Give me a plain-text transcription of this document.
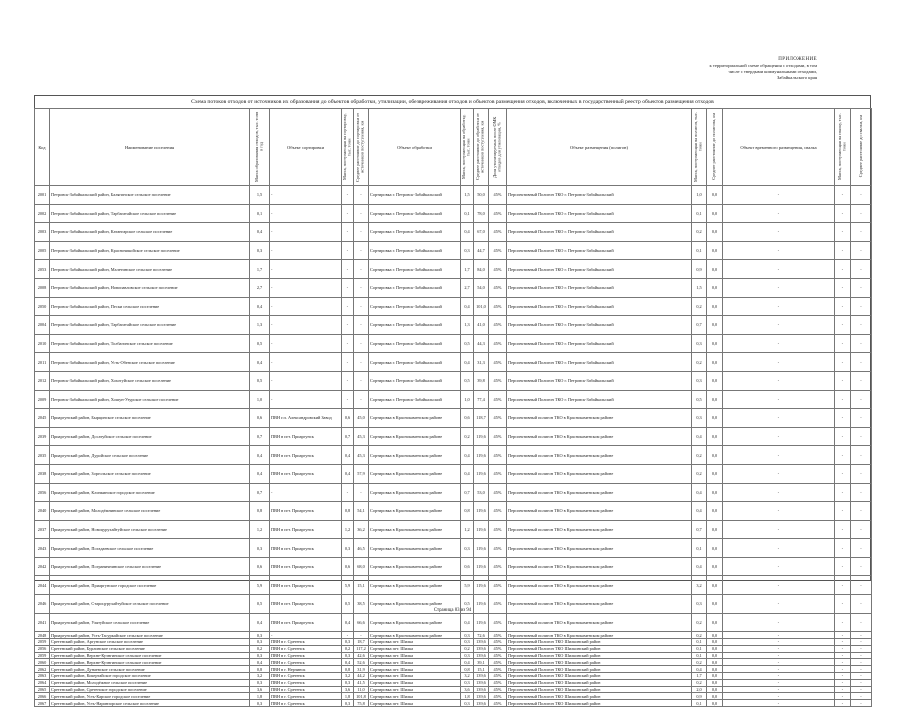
ПРИЛОЖЕНИЕ
к территориальной схеме обращения с отходами, в том
числе с твердыми коммунальными отходами,
Забайкальского края
Схема потоков отходов от источников их образования до объектов обработки, утилизации, обезвреживания отходов и объектов размещения отходов, включенных в государственный реестр объектов размещения отходов
Код	Наименование поселения	Масса образования отходов, тыс. тонн в год	Объект сортировки	Масса, поступающая на сортировку, тыс. тонн	Среднее расстояние до сортировки от источников поступления, км	Объект обработки	Масса, поступающая на обработку, тыс. тонн	Среднее расстояние до обработки от источников поступления, км	Доля утилизируемых после ОМК отходов для утилизации, %	Объект размещения (полигон)	Масса, поступающая на полигон, тыс. тонн	Среднее расстояние до полигона, км	Объект временного размещения, свалка	Масса, поступающая на свалку, тыс. тонн	Среднее расстояние до свалки, км
2001	Петровск-Забайкальский район, Балягинское сельское поселение	1,5	-	-	-	Сортировка г. Петровск-Забайкальский	1,5	50,0	45%	Перспективный Полигон ТКО г. Петровск-Забайкальский	1,0	0,0	-	-	-
2002	Петровск-Забайкальский район, Тарбагатайское сельское поселение	0,1	-	-	-	Сортировка г. Петровск-Забайкальский	0,1	78,0	45%	Перспективный Полигон ТКО г. Петровск-Забайкальский	0,1	0,0	-	-	-
2003	Петровск-Забайкальский район, Катангарское сельское поселение	0,4	-	-	-	Сортировка г. Петровск-Забайкальский	0,4	67,0	45%	Перспективный Полигон ТКО г. Петровск-Забайкальский	0,2	0,0	-	-	-
2005	Петровск-Забайкальский район, Красночикойское сельское поселение	0,3	-	-	-	Сортировка г. Петровск-Забайкальский	0,3	44,7	45%	Перспективный Полигон ТКО г. Петровск-Забайкальский	0,1	0,0	-	-	-
2053	Петровск-Забайкальский район, Малетинское сельское поселение	1,7	-	-	-	Сортировка г. Петровск-Забайкальский	1,7	84,0	45%	Перспективный Полигон ТКО г. Петровск-Забайкальский	0,9	0,0	-	-	-
2008	Петровск-Забайкальский район, Новопавловское сельское поселение	2,7	-	-	-	Сортировка г. Петровск-Забайкальский	2,7	54,0	45%	Перспективный Полигон ТКО г. Петровск-Забайкальский	1,5	0,0	-	-	-
2050	Петровск-Забайкальский район, Пески сельское поселение	0,4	-	-	-	Сортировка г. Петровск-Забайкальский	0,4	101,0	45%	Перспективный Полигон ТКО г. Петровск-Забайкальский	0,2	0,0	-	-	-
2004	Петровск-Забайкальский район, Тарбагатайское сельское поселение	1,3	-	-	-	Сортировка г. Петровск-Забайкальский	1,3	41,0	45%	Перспективный Полигон ТКО г. Петровск-Забайкальский	0,7	0,0	-	-	-
2010	Петровск-Забайкальский район, Толбагинское сельское поселение	0,5	-	-	-	Сортировка г. Петровск-Забайкальский	0,5	44,3	45%	Перспективный Полигон ТКО г. Петровск-Забайкальский	0,3	0,0	-	-	-
2011	Петровск-Забайкальский район, Усть-Обенское сельское поселение	0,4	-	-	-	Сортировка г. Петровск-Забайкальский	0,4	31,3	45%	Перспективный Полигон ТКО г. Петровск-Забайкальский	0,2	0,0	-	-	-
2012	Петровск-Забайкальский район, Хохотуйское сельское поселение	0,5	-	-	-	Сортировка г. Петровск-Забайкальский	0,5	39,8	45%	Перспективный Полигон ТКО г. Петровск-Забайкальский	0,3	0,0	-	-	-
2009	Петровск-Забайкальский район, Хошун-Узурское сельское поселение	1,0	-	-	-	Сортировка г. Петровск-Забайкальский	1,0	77,4	45%	Перспективный Полигон ТКО г. Петровск-Забайкальский	0,5	0,0	-	-	-
2045	Приаргунский район, Бырцинское сельское поселение	0,6	ПВН г.п. Александровский Завод	0,6	45,0	Сортировка в Краснокаменском районе	0,6	118,7	45%	Перспективный полигон ТКО в Краснокаменском районе	0,3	0,0	-	-	-
2039	Приаргунский район, Досатуйское сельское поселение	0,7	ПВН в пгт. Приаргунск	0,7	45,3	Сортировка в Краснокаменском районе	0,2	119,6	45%	Перспективный полигон ТКО в Краснокаменском районе	0,4	0,0	-	-	-
2035	Приаргунский район, Дуройское сельское поселение	0,4	ПВН в пгт. Приаргунск	0,4	45,3	Сортировка в Краснокаменском районе	0,4	119,6	45%	Перспективный полигон ТКО в Краснокаменском районе	0,2	0,0	-	-	-
2038	Приаргунский район, Зоргольское сельское поселение	0,4	ПВН в пгт. Приаргунск	0,4	57,9	Сортировка в Краснокаменском районе	0,4	119,6	45%	Перспективный полигон ТКО в Краснокаменском районе	0,2	0,0	-	-	-
2056	Приаргунский район, Кличкинское городское поселение	0,7	-	-	-	Сортировка в Краснокаменском районе	0,7	53,0	45%	Перспективный полигон ТКО в Краснокаменском районе	0,4	0,0	-	-	-
2040	Приаргунский район, Молодёжнинское сельское поселение	0,8	ПВН в пгт. Приаргунск	0,8	54,1	Сортировка в Краснокаменском районе	0,8	119,6	45%	Перспективный полигон ТКО в Краснокаменском районе	0,4	0,0	-	-	-
2037	Приаргунский район, Новоцурухайтуйское сельское поселение	1,2	ПВН в пгт. Приаргунск	1,2	36,2	Сортировка в Краснокаменском районе	1,2	119,6	45%	Перспективный полигон ТКО в Краснокаменском районе	0,7	0,0	-	-	-
2043	Приаргунский район, Погадаевское сельское поселение	0,3	ПВН в пгт. Приаргунск	0,3	46,5	Сортировка в Краснокаменском районе	0,3	119,6	45%	Перспективный полигон ТКО в Краснокаменском районе	0,1	0,0	-	-	-
2042	Приаргунский район, Пограничнинское сельское поселение	0,6	ПВН в пгт. Приаргунск	0,6	68,0	Сортировка в Краснокаменском районе	0,6	119,6	45%	Перспективный полигон ТКО в Краснокаменском районе	0,4	0,0	-	-	-
2044	Приаргунский район, Приаргунское городское поселение	5,9	ПВН в пгт. Приаргунск	5,9	15,1	Сортировка в Краснокаменском районе	5,9	119,6	45%	Перспективный полигон ТКО в Краснокаменском районе	3,2	0,0	-	-	-
2046	Приаргунский район, Староцурухайтуйское сельское поселение	0,5	ПВН в пгт. Приаргунск	0,5	38,5	Сортировка в Краснокаменском районе	0,5	119,6	45%	Перспективный полигон ТКО в Краснокаменском районе	0,3	0,0	-	-	-
2041	Приаргунский район, Улятуйское сельское поселение	0,4	ПВН в пгт. Приаргунск	0,4	66,6	Сортировка в Краснокаменском районе	0,4	119,6	45%	Перспективный полигон ТКО в Краснокаменском районе	0,2	0,0	-	-	-
2048	Приаргунский район, Усть-Тасуркайское сельское поселение	0,3	-	-	-	Сортировка в Краснокаменском районе	0,3	72,6	45%	Перспективный полигон ТКО в Краснокаменском районе	0,2	0,0	-	-	-
2059	Сретенский район, Аргунское сельское поселение	0,3	ПВН в г. Сретенск	0,3	18,7	Сортировка пгт. Шилка	0,3	139,6	45%	Перспективный Полигон ТКО Шилкинский район	0,1	0,0	-	-	-
2056	Сретенский район, Бурлинское сельское поселение	0,2	ПВН в г. Сретенск	0,2	117,2	Сортировка пгт. Шилка	0,2	139,6	45%	Перспективный Полигон ТКО Шилкинский район	0,1	0,0	-	-	-
2059	Сретенский район, Верхне-Куэнгинское сельское поселение	0,3	ПВН в г. Сретенск	0,3	42,6	Сортировка пгт. Шилка	0,3	139,6	45%	Перспективный Полигон ТКО Шилкинский район	0,1	0,0	-	-	-
2060	Сретенский район, Верхне-Куэнгинское сельское поселение	0,4	ПВН в г. Сретенск	0,4	52,6	Сортировка пгт. Шилка	0,4	39,1	45%	Перспективный Полигон ТКО Шилкинский район	0,2	0,0	-	-	-
2062	Сретенский район, Дунаевское сельское поселение	0,8	ПВН в г. Нерчинск	0,8	31,9	Сортировка пгт. Шилка	0,8	15,1	45%	Перспективный Полигон ТКО Шилкинский район	0,4	0,0	-	-	-
2063	Сретенский район, Кокертайское городское поселение	3,2	ПВН в г. Сретенск	3,2	44,2	Сортировка пгт. Шилка	3,2	139,6	45%	Перспективный Полигон ТКО Шилкинский район	1,7	0,0	-	-	-
2064	Сретенский район, Молодёжное сельское поселение	0,3	ПВН в г. Сретенск	0,3	41,5	Сортировка пгт. Шилка	0,3	139,6	45%	Перспективный Полигон ТКО Шилкинский район	0,2	0,0	-	-	-
2065	Сретенский район, Сретенское городское поселение	3,6	ПВН в г. Сретенск	3,6	11,0	Сортировка пгт. Шилка	3,6	139,6	45%	Перспективный Полигон ТКО Шилкинский район	2,0	0,0	-	-	-
2066	Сретенский район, Усть-Карское городское поселение	1,8	ПВН в г. Сретенск	1,8	101,8	Сортировка пгт. Шилка	1,8	139,6	45%	Перспективный Полигон ТКО Шилкинский район	0,9	0,0	-	-	-
2067	Сретенский район, Усть-Наринзорское сельское поселение	0,3	ПВН в г. Сретенск	0,3	75,8	Сортировка пгт. Шилка	0,3	139,6	45%	Перспективный Полигон ТКО Шилкинский район	0,1	0,0	-	-	-
Страница 83 из 94
